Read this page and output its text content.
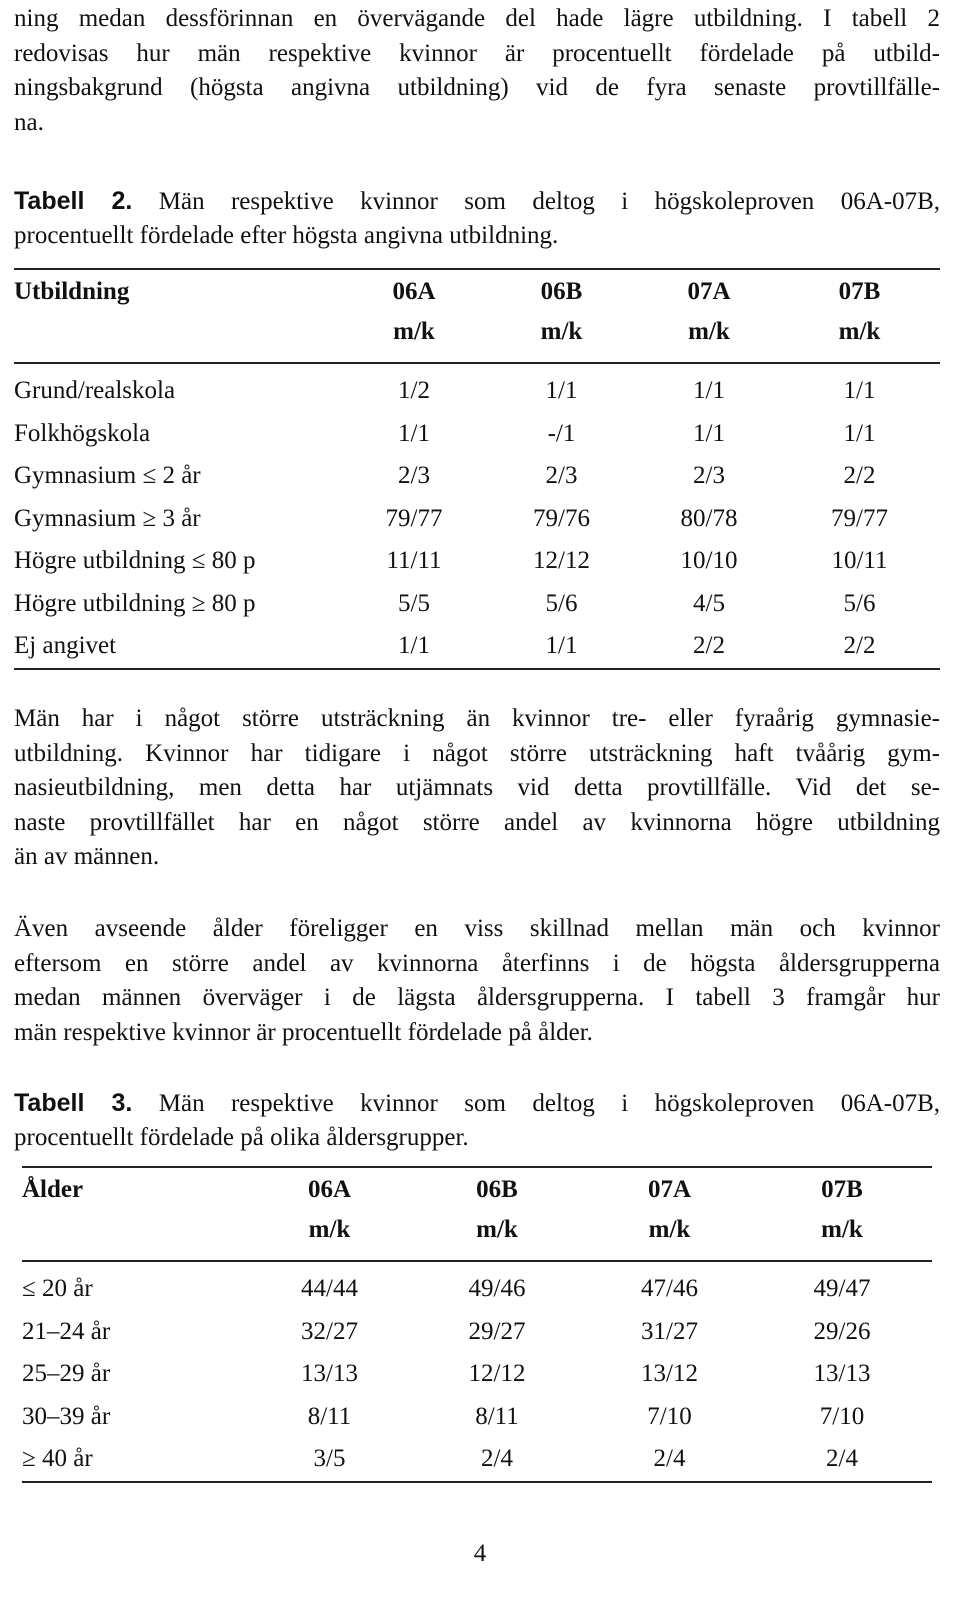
ning medan dessförinnan en övervägande del hade lägre utbildning. I tabell 2
redovisas hur män respektive kvinnor är procentuellt fördelade på utbild-
ningsbakgrund (högsta angivna utbildning) vid de fyra senaste provtillfälle-
na.

Tabell 2. Män respektive kvinnor som deltog i högskoleproven 06A-07B,
procentuellt fördelade efter högsta angivna utbildning.

Utbildning	06A	06B	07A	07B
	m/k	m/k	m/k	m/k
Grund/realskola	1/2	1/1	1/1	1/1
Folkhögskola	1/1	-/1	1/1	1/1
Gymnasium ≤ 2 år	2/3	2/3	2/3	2/2
Gymnasium ≥ 3 år	79/77	79/76	80/78	79/77
Högre utbildning ≤ 80 p	11/11	12/12	10/10	10/11
Högre utbildning ≥ 80 p	5/5	5/6	4/5	5/6
Ej angivet	1/1	1/1	2/2	2/2

Män har i något större utsträckning än kvinnor tre- eller fyraårig gymnasie-
utbildning. Kvinnor har tidigare i något större utsträckning haft tvåårig gym-
nasieutbildning, men detta har utjämnats vid detta provtillfälle. Vid det se-
naste provtillfället har en något större andel av kvinnorna högre utbildning
än av männen.

Även avseende ålder föreligger en viss skillnad mellan män och kvinnor
eftersom en större andel av kvinnorna återfinns i de högsta åldersgrupperna
medan männen överväger i de lägsta åldersgrupperna. I tabell 3 framgår hur
män respektive kvinnor är procentuellt fördelade på ålder.

Tabell 3. Män respektive kvinnor som deltog i högskoleproven 06A-07B,
procentuellt fördelade på olika åldersgrupper.

Ålder	06A	06B	07A	07B
	m/k	m/k	m/k	m/k
≤ 20 år	44/44	49/46	47/46	49/47
21–24 år	32/27	29/27	31/27	29/26
25–29 år	13/13	12/12	13/12	13/13
30–39 år	8/11	8/11	7/10	7/10
≥ 40 år	3/5	2/4	2/4	2/4
4
